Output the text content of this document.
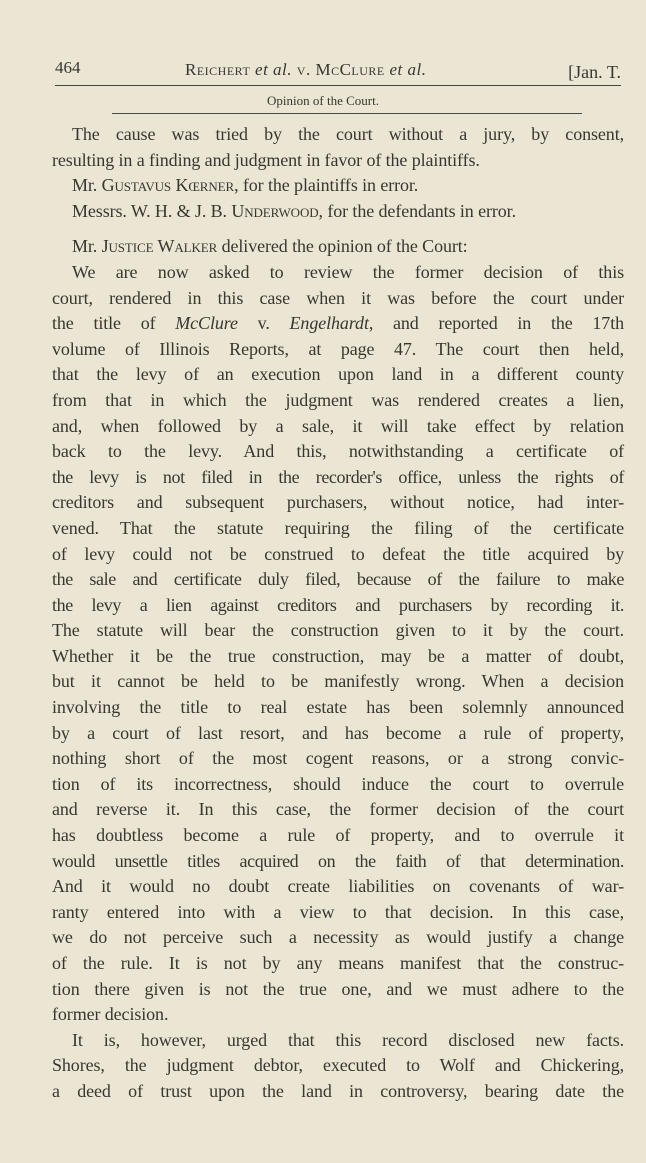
464	Reichert et al. v. McClure et al.	[Jan. T.
Opinion of the Court.
The cause was tried by the court without a jury, by consent,
resulting in a finding and judgment in favor of the plaintiffs.
Mr. Gustavus Kœrner, for the plaintiffs in error.
Messrs. W. H. & J. B. Underwood, for the defendants in error.
Mr. Justice Walker delivered the opinion of the Court:
We are now asked to review the former decision of this
court, rendered in this case when it was before the court under
the title of McClure v. Engelhardt, and reported in the 17th
volume of Illinois Reports, at page 47. The court then held,
that the levy of an execution upon land in a different county
from that in which the judgment was rendered creates a lien,
and, when followed by a sale, it will take effect by relation
back to the levy. And this, notwithstanding a certificate of
the levy is not filed in the recorder's office, unless the rights of
creditors and subsequent purchasers, without notice, had inter-
vened. That the statute requiring the filing of the certificate
of levy could not be construed to defeat the title acquired by
the sale and certificate duly filed, because of the failure to make
the levy a lien against creditors and purchasers by recording it.
The statute will bear the construction given to it by the court.
Whether it be the true construction, may be a matter of doubt,
but it cannot be held to be manifestly wrong. When a decision
involving the title to real estate has been solemnly announced
by a court of last resort, and has become a rule of property,
nothing short of the most cogent reasons, or a strong convic-
tion of its incorrectness, should induce the court to overrule
and reverse it. In this case, the former decision of the court
has doubtless become a rule of property, and to overrule it
would unsettle titles acquired on the faith of that determination.
And it would no doubt create liabilities on covenants of war-
ranty entered into with a view to that decision. In this case,
we do not perceive such a necessity as would justify a change
of the rule. It is not by any means manifest that the construc-
tion there given is not the true one, and we must adhere to the
former decision.
It is, however, urged that this record disclosed new facts.
Shores, the judgment debtor, executed to Wolf and Chickering,
a deed of trust upon the land in controversy, bearing date the
